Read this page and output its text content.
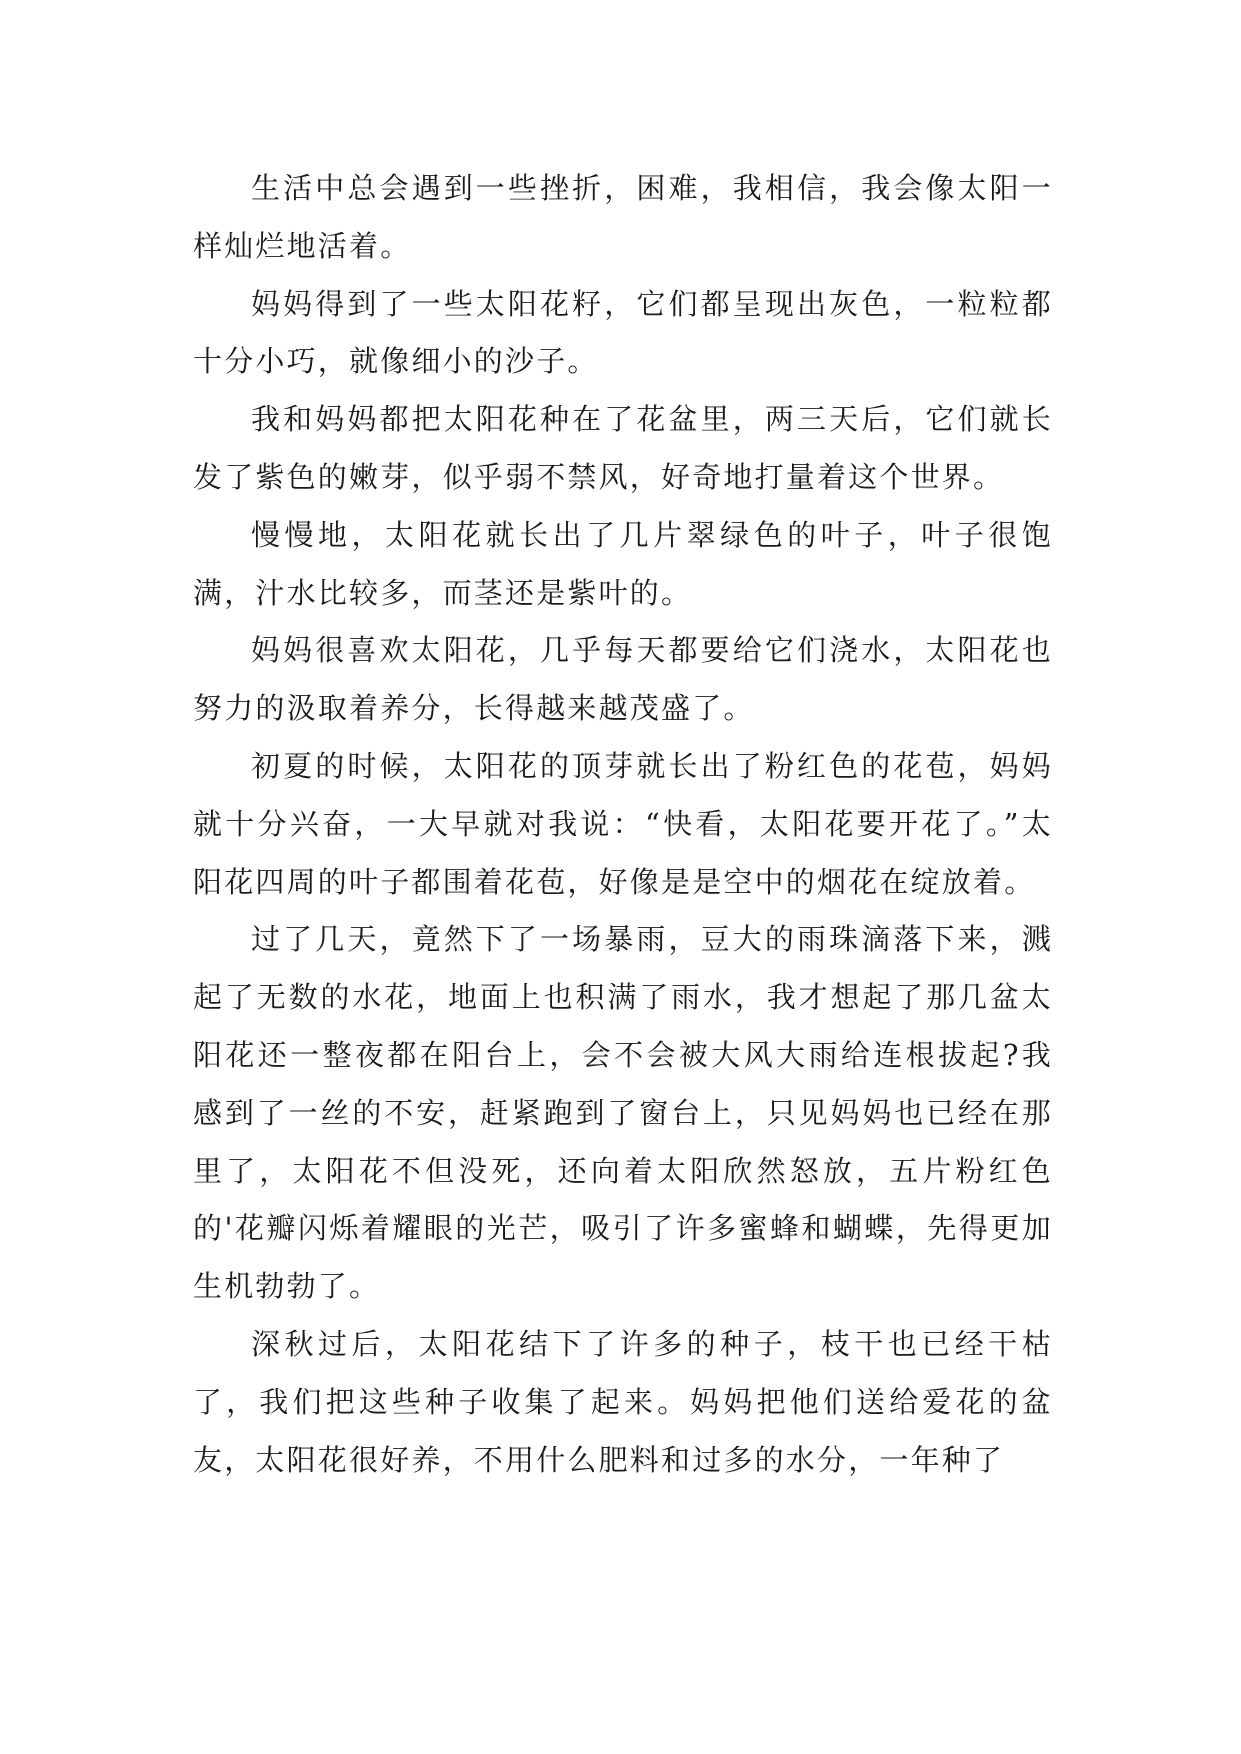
生活中总会遇到一些挫折，困难，我相信，我会像太阳一样灿烂地活着。

妈妈得到了一些太阳花籽，它们都呈现出灰色，一粒粒都十分小巧，就像细小的沙子。

我和妈妈都把太阳花种在了花盆里，两三天后，它们就长发了紫色的嫩芽，似乎弱不禁风，好奇地打量着这个世界。

慢慢地，太阳花就长出了几片翠绿色的叶子，叶子很饱满，汁水比较多，而茎还是紫叶的。

妈妈很喜欢太阳花，几乎每天都要给它们浇水，太阳花也努力的汲取着养分，长得越来越茂盛了。

初夏的时候，太阳花的顶芽就长出了粉红色的花苞，妈妈就十分兴奋，一大早就对我说：“快看，太阳花要开花了。”太阳花四周的叶子都围着花苞，好像是是空中的烟花在绽放着。

过了几天，竟然下了一场暴雨，豆大的雨珠滴落下来，溅起了无数的水花，地面上也积满了雨水，我才想起了那几盆太阳花还一整夜都在阳台上，会不会被大风大雨给连根拔起?我感到了一丝的不安，赶紧跑到了窗台上，只见妈妈也已经在那里了，太阳花不但没死，还向着太阳欣然怒放，五片粉红色的'花瓣闪烁着耀眼的光芒，吸引了许多蜜蜂和蝴蝶，先得更加生机勃勃了。

深秋过后，太阳花结下了许多的种子，枝干也已经干枯了，我们把这些种子收集了起来。妈妈把他们送给爱花的盆友，太阳花很好养，不用什么肥料和过多的水分，一年种了
